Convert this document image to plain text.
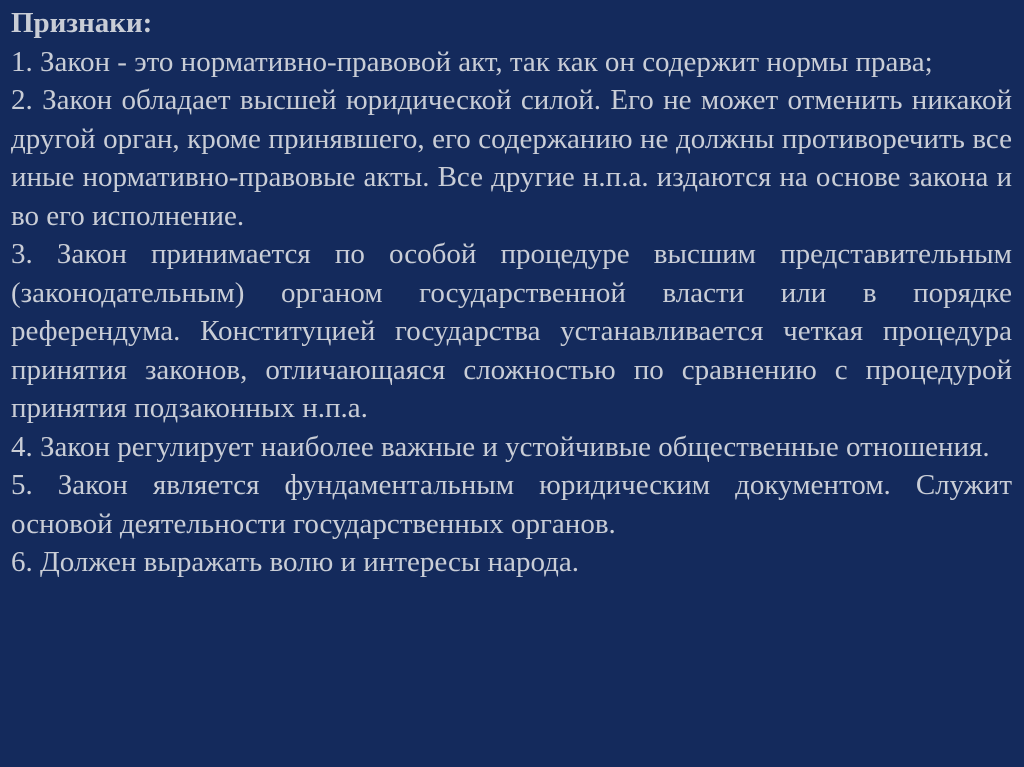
Признаки:

1. Закон - это нормативно-правовой акт, так как он содержит нормы права;

2. Закон обладает высшей юридической силой. Его не может отменить никакой другой орган, кроме принявшего, его содержанию не должны противоречить все иные нормативно-правовые акты. Все другие н.п.а. издаются на основе закона и во его исполнение.

3. Закон принимается по особой процедуре высшим представительным (законодательным) органом государственной власти или в порядке референдума. Конституцией государства устанавливается четкая процедура принятия законов, отличающаяся сложностью по сравнению с процедурой принятия подзаконных н.п.а.

4. Закон регулирует наиболее важные и устойчивые общественные отношения.

5. Закон является фундаментальным юридическим документом. Служит основой деятельности государственных органов.

6. Должен выражать волю и интересы народа.
